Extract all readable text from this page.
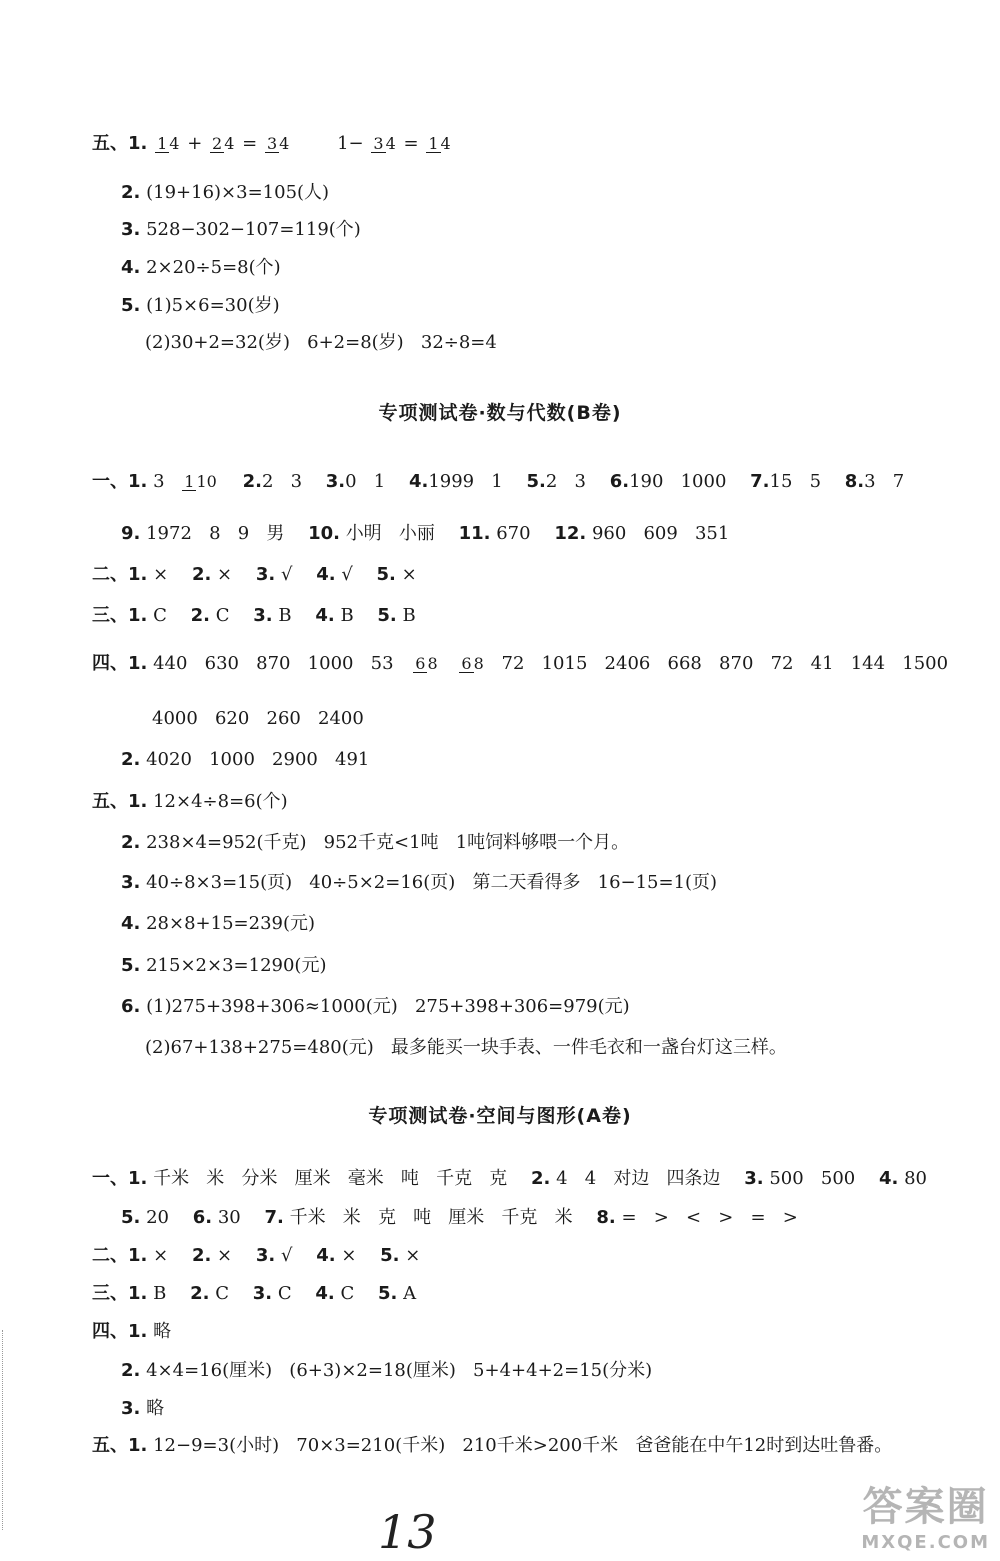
五、1. 1 4 + 2 4 = 3 4	1− 3 4 = 1 4
2. (19+16)×3=105(人)
3. 528−302−107=119(个)
4. 2×20÷5=8(个)
5. (1)5×6=30(岁)
(2)30+2=32(岁)   6+2=8(岁)   32÷8=4
专项测试卷·数与代数(B卷)
一、1. 3 1 10 2.2   3 3.0   1 4.1999   1 5.2   3 6.190   1000 7.15   5 8.3   7
9. 1972   8   9   男 10. 小明   小丽 11. 670 12. 960   609   351
二、1. × 2. × 3. √ 4. √ 5. ×
三、1. C 2. C 3. B 4. B 5. B
四、1. 440   630   870   1000   53 6 8 6 8 72   1015   2406   668   870   72   41   144   1500
4000   620   260   2400
2. 4020   1000   2900   491
五、1. 12×4÷8=6(个)
2. 238×4=952(千克)   952千克<1吨   1吨饲料够喂一个月。
3. 40÷8×3=15(页)   40÷5×2=16(页)   第二天看得多   16−15=1(页)
4. 28×8+15=239(元)
5. 215×2×3=1290(元)
6. (1)275+398+306≈1000(元)   275+398+306=979(元)
(2)67+138+275=480(元)   最多能买一块手表、一件毛衣和一盏台灯这三样。
专项测试卷·空间与图形(A卷)
一、1. 千米   米   分米   厘米   毫米   吨   千克   克 2. 4   4   对边   四条边 3. 500   500 4. 80
5. 20 6. 30 7. 千米   米   克   吨   厘米   千克   米 8. =   >   <   >   =   >
二、1. × 2. × 3. √ 4. × 5. ×
三、1. B 2. C 3. C 4. C 5. A
四、1. 略
2. 4×4=16(厘米)   (6+3)×2=18(厘米)   5+4+4+2=15(分米)
3. 略
五、1. 12−9=3(小时)   70×3=210(千米)   210千米>200千米   爸爸能在中午12时到达吐鲁番。
13	答案圈
MXQE.COM
